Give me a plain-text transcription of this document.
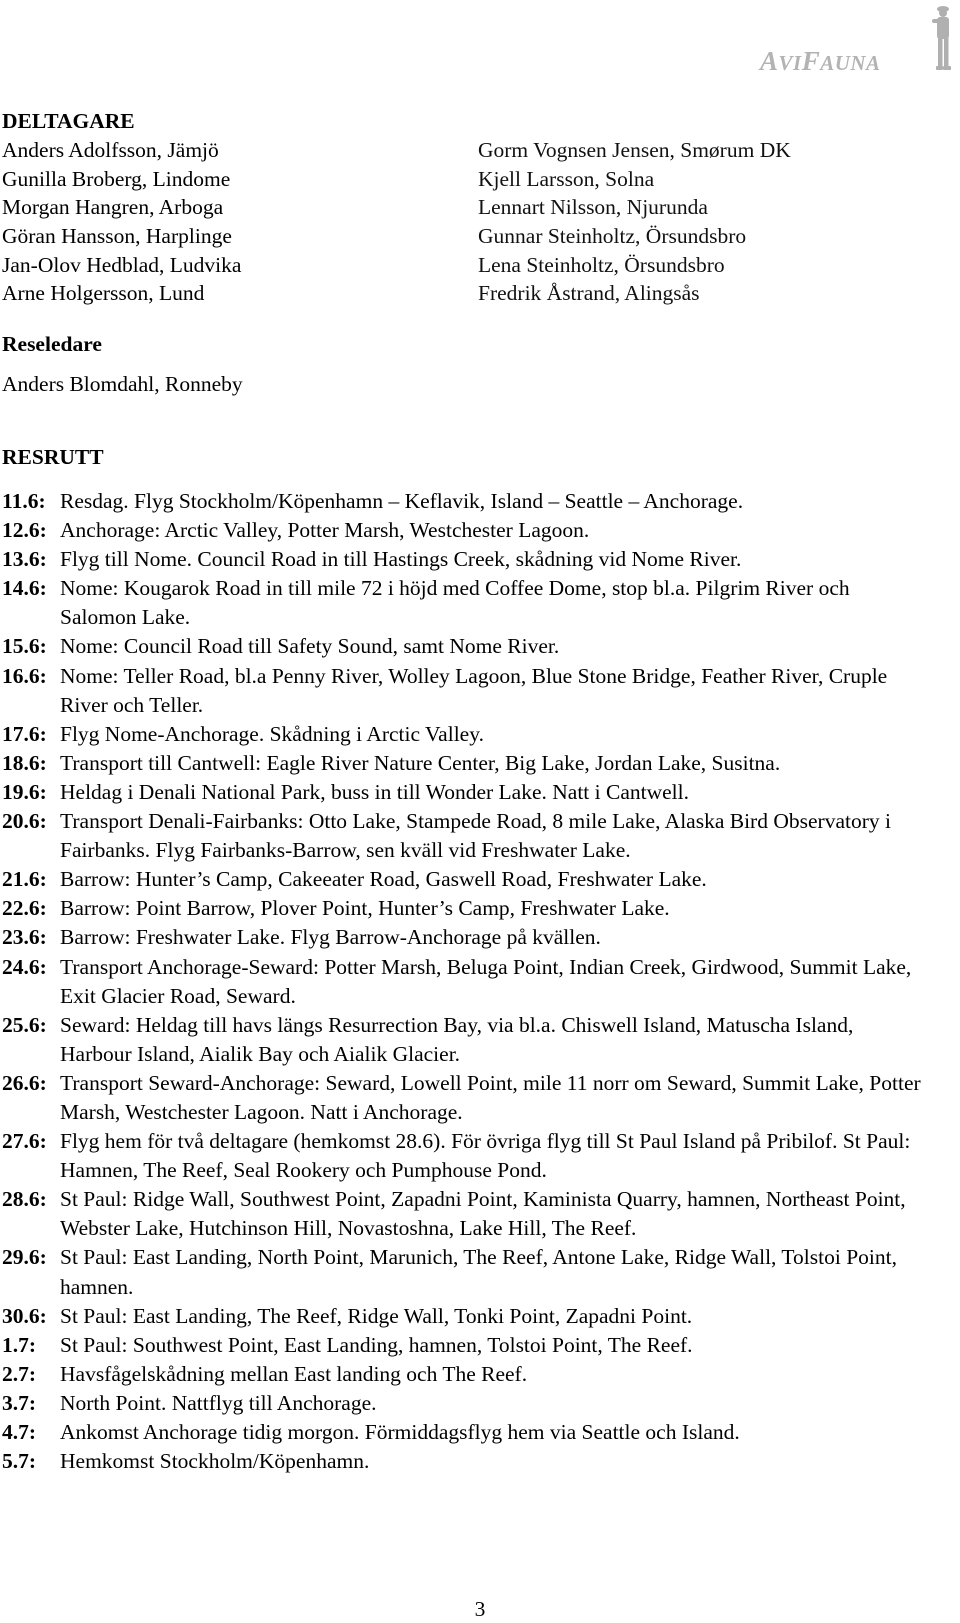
AVIFAUNA
DELTAGARE
Anders Adolfsson, Jämjö
Gunilla Broberg, Lindome
Morgan Hangren, Arboga
Göran Hansson, Harplinge
Jan-Olov Hedblad, Ludvika
Arne Holgersson, Lund
Gorm Vognsen Jensen, Smørum DK
Kjell Larsson, Solna
Lennart Nilsson, Njurunda
Gunnar Steinholtz, Örsundsbro
Lena Steinholtz, Örsundsbro
Fredrik Åstrand, Alingsås
Reseledare
Anders Blomdahl, Ronneby
RESRUTT
11.6: Resdag. Flyg Stockholm/Köpenhamn – Keflavik, Island – Seattle – Anchorage.
12.6: Anchorage: Arctic Valley, Potter Marsh, Westchester Lagoon.
13.6: Flyg till Nome. Council Road in till Hastings Creek, skådning vid Nome River.
14.6: Nome: Kougarok Road in till mile 72 i höjd med Coffee Dome, stop bl.a. Pilgrim River och Salomon Lake.
15.6: Nome: Council Road till Safety Sound, samt Nome River.
16.6: Nome: Teller Road, bl.a Penny River, Wolley Lagoon, Blue Stone Bridge, Feather River, Cruple River och Teller.
17.6: Flyg Nome-Anchorage. Skådning i Arctic Valley.
18.6: Transport till Cantwell: Eagle River Nature Center, Big Lake, Jordan Lake, Susitna.
19.6: Heldag i Denali National Park, buss in till Wonder Lake. Natt i Cantwell.
20.6: Transport Denali-Fairbanks: Otto Lake, Stampede Road, 8 mile Lake, Alaska Bird Observatory i Fairbanks. Flyg Fairbanks-Barrow, sen kväll vid Freshwater Lake.
21.6: Barrow: Hunter’s Camp, Cakeeater Road, Gaswell Road, Freshwater Lake.
22.6: Barrow: Point Barrow, Plover Point, Hunter’s Camp, Freshwater Lake.
23.6: Barrow: Freshwater Lake. Flyg Barrow-Anchorage på kvällen.
24.6: Transport Anchorage-Seward: Potter Marsh, Beluga Point, Indian Creek, Girdwood, Summit Lake, Exit Glacier Road, Seward.
25.6: Seward: Heldag till havs längs Resurrection Bay, via bl.a. Chiswell Island, Matuscha Island, Harbour Island, Aialik Bay och Aialik Glacier.
26.6: Transport Seward-Anchorage: Seward, Lowell Point, mile 11 norr om Seward, Summit Lake, Potter Marsh, Westchester Lagoon. Natt i Anchorage.
27.6: Flyg hem för två deltagare (hemkomst 28.6). För övriga flyg till St Paul Island på Pribilof. St Paul: Hamnen, The Reef, Seal Rookery och Pumphouse Pond.
28.6: St Paul: Ridge Wall, Southwest Point, Zapadni Point, Kaminista Quarry, hamnen, Northeast Point, Webster Lake, Hutchinson Hill, Novastoshna, Lake Hill, The Reef.
29.6: St Paul: East Landing, North Point, Marunich, The Reef, Antone Lake, Ridge Wall, Tolstoi Point, hamnen.
30.6: St Paul: East Landing, The Reef, Ridge Wall, Tonki Point, Zapadni Point.
1.7:	St Paul: Southwest Point, East Landing, hamnen, Tolstoi Point, The Reef.
2.7:	Havsfågelskådning mellan East landing och The Reef.
3.7:	North Point. Nattflyg till Anchorage.
4.7:	Ankomst Anchorage tidig morgon. Förmiddagsflyg hem via Seattle och Island.
5.7:	Hemkomst Stockholm/Köpenhamn.
3
